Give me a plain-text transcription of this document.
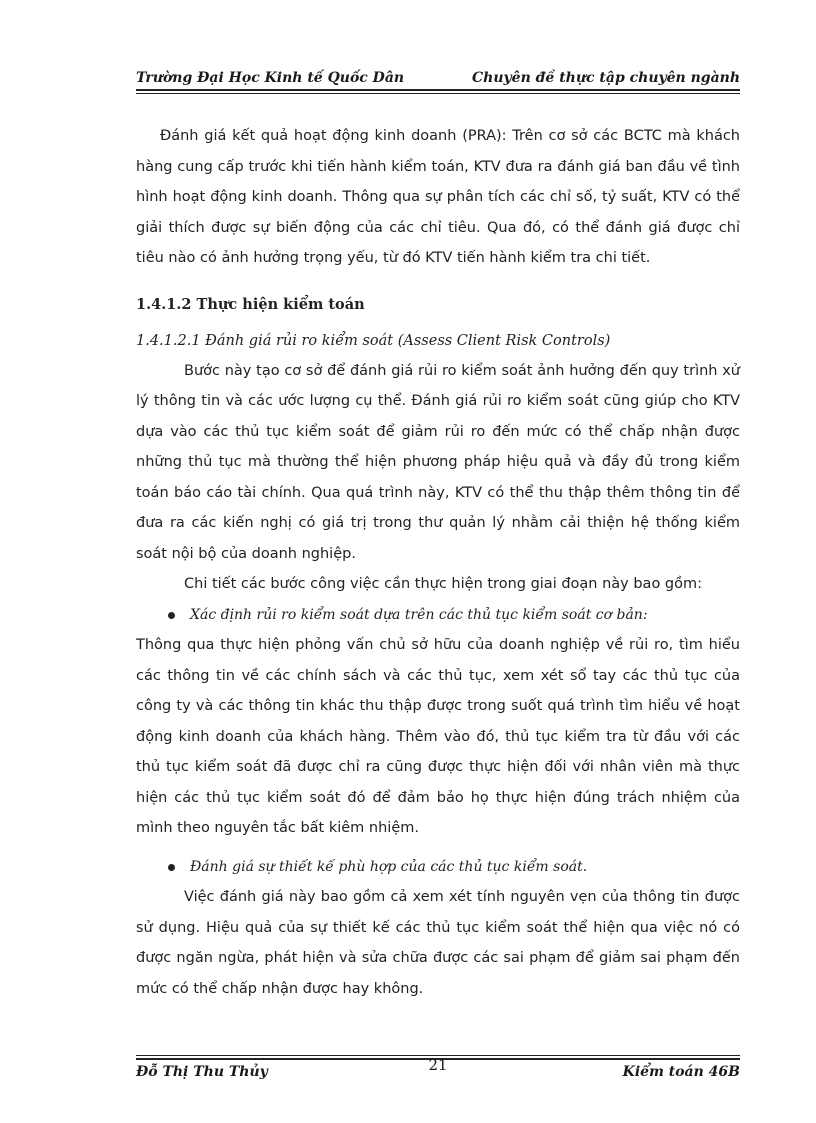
Trường Đại Học Kinh tế Quốc Dân	Chuyên đề thực tập chuyên ngành

Đánh giá kết quả hoạt động kinh doanh (PRA): Trên cơ sở các BCTC mà khách hàng cung cấp trước khi tiến hành kiểm toán, KTV đưa ra đánh giá ban đầu về tình hình hoạt động kinh doanh. Thông qua sự phân tích các chỉ số, tỷ suất, KTV có thể giải thích được sự biến động của các chỉ tiêu. Qua đó, có thể đánh giá được chỉ tiêu nào có ảnh hưởng trọng yếu, từ đó KTV tiến hành kiểm tra chi tiết.

1.4.1.2 Thực hiện kiểm toán

1.4.1.2.1 Đánh giá rủi ro kiểm soát (Assess Client Risk Controls)

Bước này tạo cơ sở để đánh giá rủi ro kiểm soát ảnh hưởng đến quy trình xử lý thông tin và các ước lượng cụ thể. Đánh giá rủi ro kiểm soát cũng giúp cho KTV dựa vào các thủ tục kiểm soát để giảm rủi ro đến mức có thể chấp nhận được những thủ tục mà thường thể hiện phương pháp hiệu quả và đầy đủ trong kiểm toán báo cáo tài chính. Qua quá trình này, KTV có thể thu thập thêm thông tin để đưa ra các kiến nghị có giá trị trong thư quản lý nhằm cải thiện hệ thống kiểm soát nội bộ của doanh nghiệp.

Chi tiết các bước công việc cần thực hiện trong giai đoạn này bao gồm:

Xác định rủi ro kiểm soát dựa trên các thủ tục kiểm soát cơ bản:

Thông qua thực hiện phỏng vấn chủ sở hữu của doanh nghiệp về rủi ro, tìm hiểu các thông tin về các chính sách và các thủ tục, xem xét sổ tay các thủ tục của công ty và các thông tin khác thu thập được trong suốt quá trình tìm hiểu về hoạt động kinh doanh của khách hàng. Thêm vào đó, thủ tục kiểm tra từ đầu với các thủ tục kiểm soát đã được chỉ ra cũng được thực hiện đối với nhân viên mà thực hiện các thủ tục kiểm soát đó để đảm bảo họ thực hiện đúng trách nhiệm của mình theo nguyên tắc bất kiêm nhiệm.

Đánh giá sự thiết kế phù hợp của các thủ tục kiểm soát.

Việc đánh giá này bao gồm cả xem xét tính nguyên vẹn của thông tin được sử dụng. Hiệu quả của sự thiết kế các thủ tục kiểm soát thể hiện qua việc nó có được ngăn ngừa, phát hiện và sửa chữa được các sai phạm để giảm sai phạm đến mức có thể chấp nhận được hay không.

Đỗ Thị Thu Thủy	21	Kiểm toán 46B
